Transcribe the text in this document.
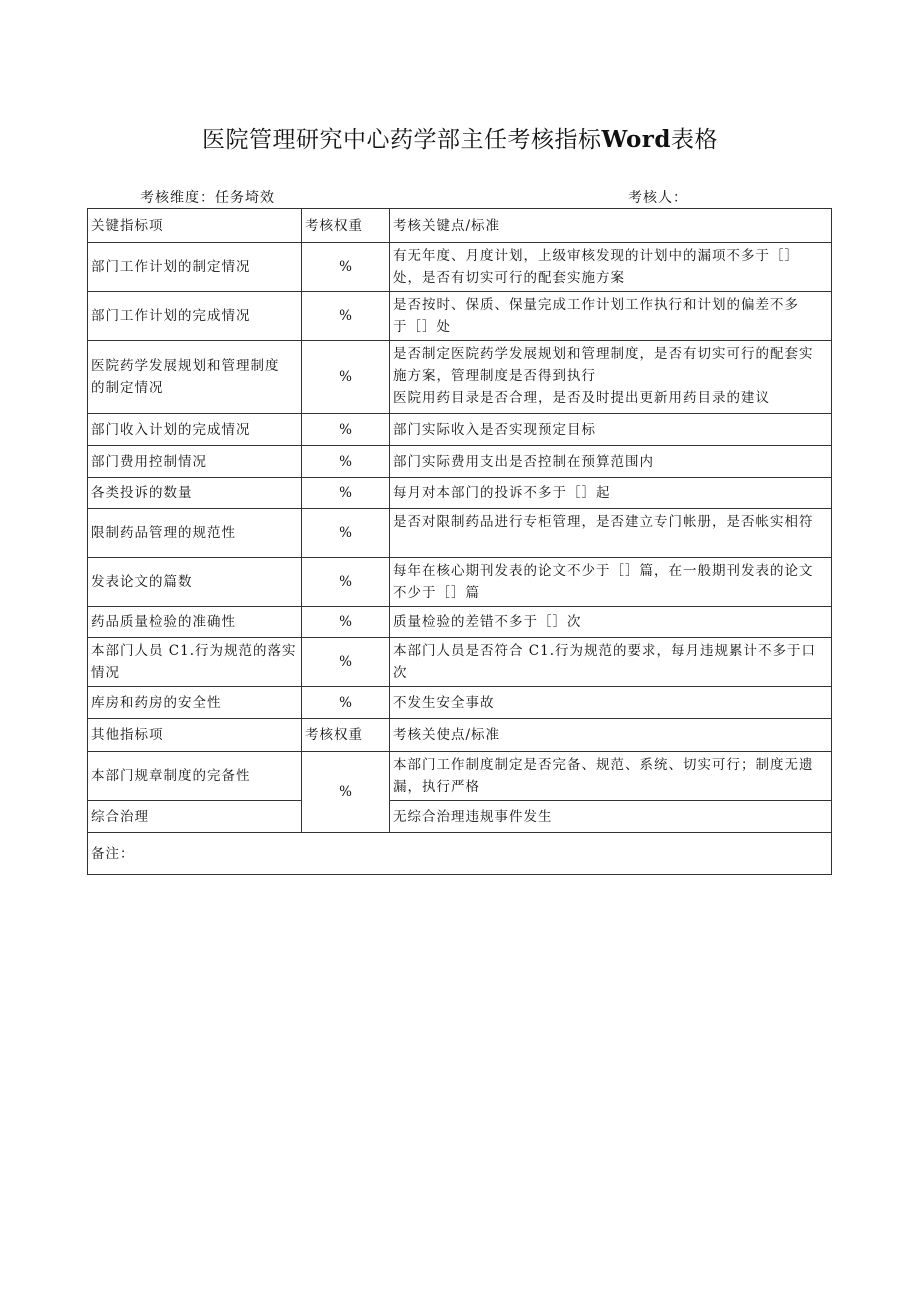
医院管理研究中心药学部主任考核指标Word表格
考核维度：任务埼效	考核人：
关键指标项	考核权重	考核关键点/标准
部门工作计划的制定情况	%	有无年度、月度计划，上级审核发现的计划中的漏项不多于［］
处，是否有切实可行的配套实施方案

部门工作计划的完成情况	%	是否按时、保质、保量完成工作计划工作执行和计划的偏差不多
于［］处

医院药学发展规划和管理制度
的制定情况	%	是否制定医院药学发展规划和管理制度，是否有切实可行的配套实
施方案，管理制度是否得到执行
医院用药目录是否合理，是否及时提出更新用药目录的建议

部门收入计划的完成情况	%	部门实际收入是否实现预定目标
部门费用控制情况	%	部门实际费用支出是否控制在预算范围内
各类投诉的数量	%	每月对本部门的投诉不多于［］起
限制药品管理的规范性	%	是否对限制药品进行专柜管理，是否建立专门帐册，是否帐实相符

发表论文的篇数	%	每年在核心期刊发表的论文不少于［］篇，在一般期刊发表的论文
不少于［］篇

药品质量检验的准确性	%	质量检验的差错不多于［］次

本部门人员 C1.行为规范的落实
情况	%	本部门人员是否符合 C1.行为规范的要求，每月违规累计不多于口
次

库房和药房的安全性	%	不发生安全事故
其他指标项	考核权重	考核关使点/标准
本部门规章制度的完备性	%	本部门工作制度制定是否完备、规范、系统、切实可行；制度无遗
漏，执行严格

综合治理		无综合治理违规事件发生
备注：		
